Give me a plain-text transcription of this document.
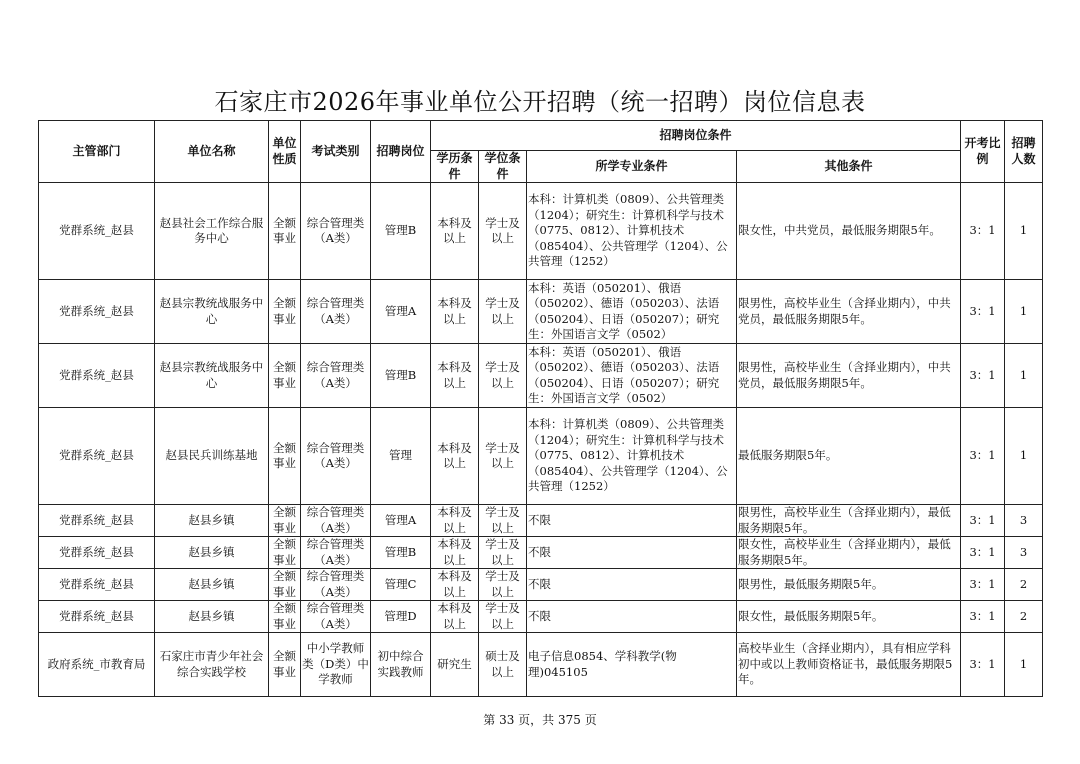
石家庄市2026年事业单位公开招聘（统一招聘）岗位信息表
主管部门	单位名称	单位性质	考试类别	招聘岗位	招聘岗位条件				开考比例	招聘人数
					学历条件	学位条件	所学专业条件	其他条件		
党群系统_赵县	赵县社会工作综合服务中心	全额事业	综合管理类（A类）	管理B	本科及以上	学士及以上	本科：计算机类（0809）、公共管理类（1204）；研究生：计算机科学与技术（0775、0812）、计算机技术（085404）、公共管理学（1204）、公共管理（1252）	限女性，中共党员，最低服务期限5年。	3：1	1
党群系统_赵县	赵县宗教统战服务中心	全额事业	综合管理类（A类）	管理A	本科及以上	学士及以上	本科：英语（050201）、俄语（050202）、德语（050203）、法语（050204）、日语（050207）；研究生：外国语言文学（0502）	限男性，高校毕业生（含择业期内），中共党员，最低服务期限5年。	3：1	1
党群系统_赵县	赵县宗教统战服务中心	全额事业	综合管理类（A类）	管理B	本科及以上	学士及以上	本科：英语（050201）、俄语（050202）、德语（050203）、法语（050204）、日语（050207）；研究生：外国语言文学（0502）	限男性，高校毕业生（含择业期内），中共党员，最低服务期限5年。	3：1	1
党群系统_赵县	赵县民兵训练基地	全额事业	综合管理类（A类）	管理	本科及以上	学士及以上	本科：计算机类（0809）、公共管理类（1204）；研究生：计算机科学与技术（0775、0812）、计算机技术（085404）、公共管理学（1204）、公共管理（1252）	最低服务期限5年。	3：1	1
党群系统_赵县	赵县乡镇	全额事业	综合管理类（A类）	管理A	本科及以上	学士及以上	不限	限男性，高校毕业生（含择业期内），最低服务期限5年。	3：1	3
党群系统_赵县	赵县乡镇	全额事业	综合管理类（A类）	管理B	本科及以上	学士及以上	不限	限女性，高校毕业生（含择业期内），最低服务期限5年。	3：1	3
党群系统_赵县	赵县乡镇	全额事业	综合管理类（A类）	管理C	本科及以上	学士及以上	不限	限男性，最低服务期限5年。	3：1	2
党群系统_赵县	赵县乡镇	全额事业	综合管理类（A类）	管理D	本科及以上	学士及以上	不限	限女性，最低服务期限5年。	3：1	2
政府系统_市教育局	石家庄市青少年社会综合实践学校	全额事业	中小学教师类（D类）中学教师	初中综合实践教师	研究生	硕士及以上	电子信息0854、学科教学(物理)045105	高校毕业生（含择业期内），具有相应学科初中或以上教师资格证书，最低服务期限5年。	3：1	1
第 33 页，共 375 页
